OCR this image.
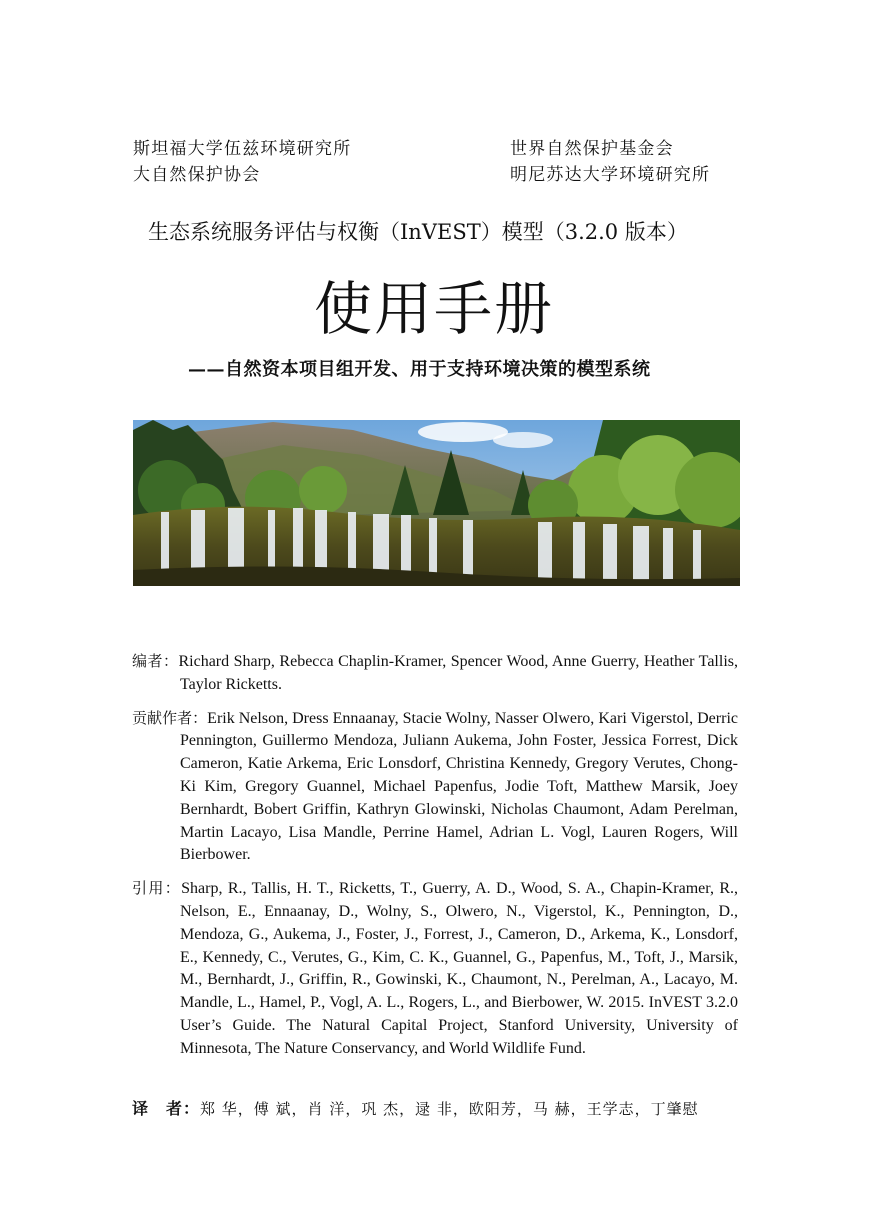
斯坦福大学伍兹环境研究所
大自然保护协会
世界自然保护基金会
明尼苏达大学环境研究所
生态系统服务评估与权衡（InVEST）模型（3.2.0 版本）
使用手册
——自然资本项目组开发、用于支持环境决策的模型系统

编者：Richard Sharp, Rebecca Chaplin-Kramer, Spencer Wood, Anne Guerry, Heather Tallis, Taylor Ricketts.

贡献作者：Erik Nelson, Dress Ennaanay, Stacie Wolny, Nasser Olwero, Kari Vigerstol, Derric Pennington, Guillermo Mendoza, Juliann Aukema, John Foster, Jessica Forrest, Dick Cameron, Katie Arkema, Eric Lonsdorf, Christina Kennedy, Gregory Verutes, Chong-Ki Kim, Gregory Guannel, Michael Papenfus, Jodie Toft, Matthew Marsik, Joey Bernhardt, Bobert Griffin, Kathryn Glowinski, Nicholas Chaumont, Adam Perelman, Martin Lacayo, Lisa Mandle, Perrine Hamel, Adrian L. Vogl, Lauren Rogers, Will Bierbower.

引用：Sharp, R., Tallis, H. T., Ricketts, T., Guerry, A. D., Wood, S. A., Chapin-Kramer, R., Nelson, E., Ennaanay, D., Wolny, S., Olwero, N., Vigerstol, K., Pennington, D., Mendoza, G., Aukema, J., Foster, J., Forrest, J., Cameron, D., Arkema, K., Lonsdorf, E., Kennedy, C., Verutes, G., Kim, C. K., Guannel, G., Papenfus, M., Toft, J., Marsik, M., Bernhardt, J., Griffin, R., Gowinski, K., Chaumont, N., Perelman, A., Lacayo, M. Mandle, L., Hamel, P., Vogl, A. L., Rogers, L., and Bierbower, W. 2015. InVEST 3.2.0 User’s Guide. The Natural Capital Project, Stanford University, University of Minnesota, The Nature Conservancy, and World Wildlife Fund.

译　者：郑 华，傅 斌，肖 洋，巩 杰，逯 非，欧阳芳，马 赫，王学志，丁肇慰
